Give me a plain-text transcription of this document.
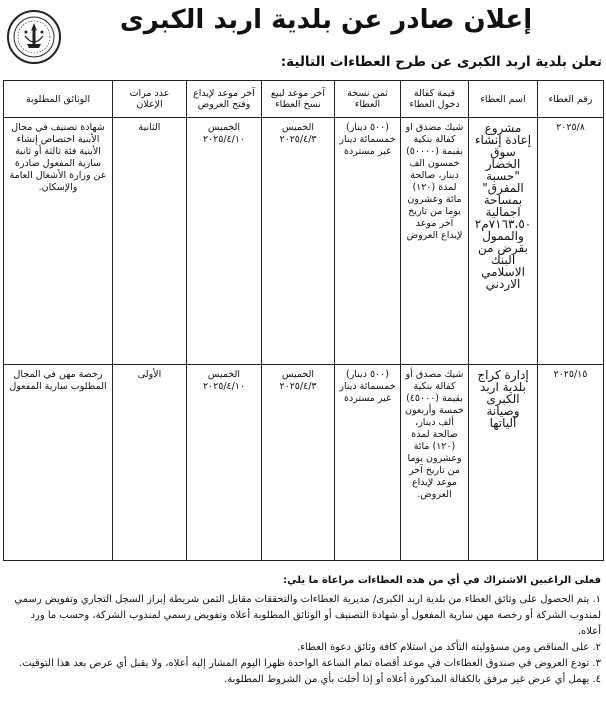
إعلان صادر عن بلدية اربد الكبرى
تعلن بلدية اربد الكبرى عن طرح العطاءات التالية:
رقم العطاء	اسم العطاء	قيمة كفالة دخول العطاء	ثمن نسخة العطاء	آخر موعد لبيع نسخ العطاء	آخر موعد لإيداع وفتح العروض	عدد مرات الإعلان	الوثائق المطلوبة
٢٠٢٥/٨	مشروع إعادة إنشاء سوق الخضار "حسبة المفرق" بمساحة اجمالية ٧١٦٣،٥٠م٢ والممول بقرض من البنك الاسلامي الاردني	شيك مصدق او كفالة بنكية بقيمة (٥٠٠٠٠) خمسون الف دينار، صالحة لمدة (١٢٠) مائة وعشرون يوما من تاريخ آخر موعد لإيداع العروض	(٥٠٠ دينار) خمسمائة دينار غير مستردة	الخميس ٢٠٢٥/٤/٣	الخميس ٢٠٢٥/٤/١٠	الثانية	شهادة تصنيف في مجال الأبنية اختصاص إنشاء الأبنية فئة ثالثة أو ثانية سارية المفعول صادرة عن وزارة الأشغال العامة والإسكان.
٢٠٢٥/١٥	إدارة كراج بلدية اربد الكبرى وصيانة آلياتها	شيك مصدق أو كفالة بنكية بقيمة (٤٥٠٠٠) خمسة وأربعون ألف دينار، صالحة لمدة (١٢٠) مائة وعشرون يوما من تاريخ آخر موعد لإيداع العروض.	(٥٠٠ دينار) خمسمائة دينار غير مستردة	الخميس ٢٠٢٥/٤/٣	الخميس ٢٠٢٥/٤/١٠	الأولى	رخصة مهن في المجال المطلوب سارية المفعول

فعلى الراغبين الاشتراك في أي من هذه العطاءات مراعاة ما يلي:

١. يتم الحصول على وثائق العطاء من بلدية اربد الكبرى/ مديرية العطاءات والتحققات مقابل الثمن شريطة إبراز السجل التجاري وتفويض رسمي لمندوب الشركة أو رخصة مهن سارية المفعول أو شهادة التصنيف أو الوثائق المطلوبة أعلاه وتفويض رسمي لمندوب الشركة، وحسب ما ورد أعلاه.

٢. على المناقص ومن مسؤوليته التأكد من استلام كافة وثائق دعوة العطاء.

٣. تودع العروض في صندوق العطاءات في موعد أقصاه تمام الساعة الواحدة ظهرا اليوم المشار إليه أعلاه، ولا يقبل أي عرض بعد هذا التوقيت.

٤. يهمل أي عرض غير مرفق بالكفالة المذكورة أعلاه أو إذا أخلت بأي من الشروط المطلوبة.
